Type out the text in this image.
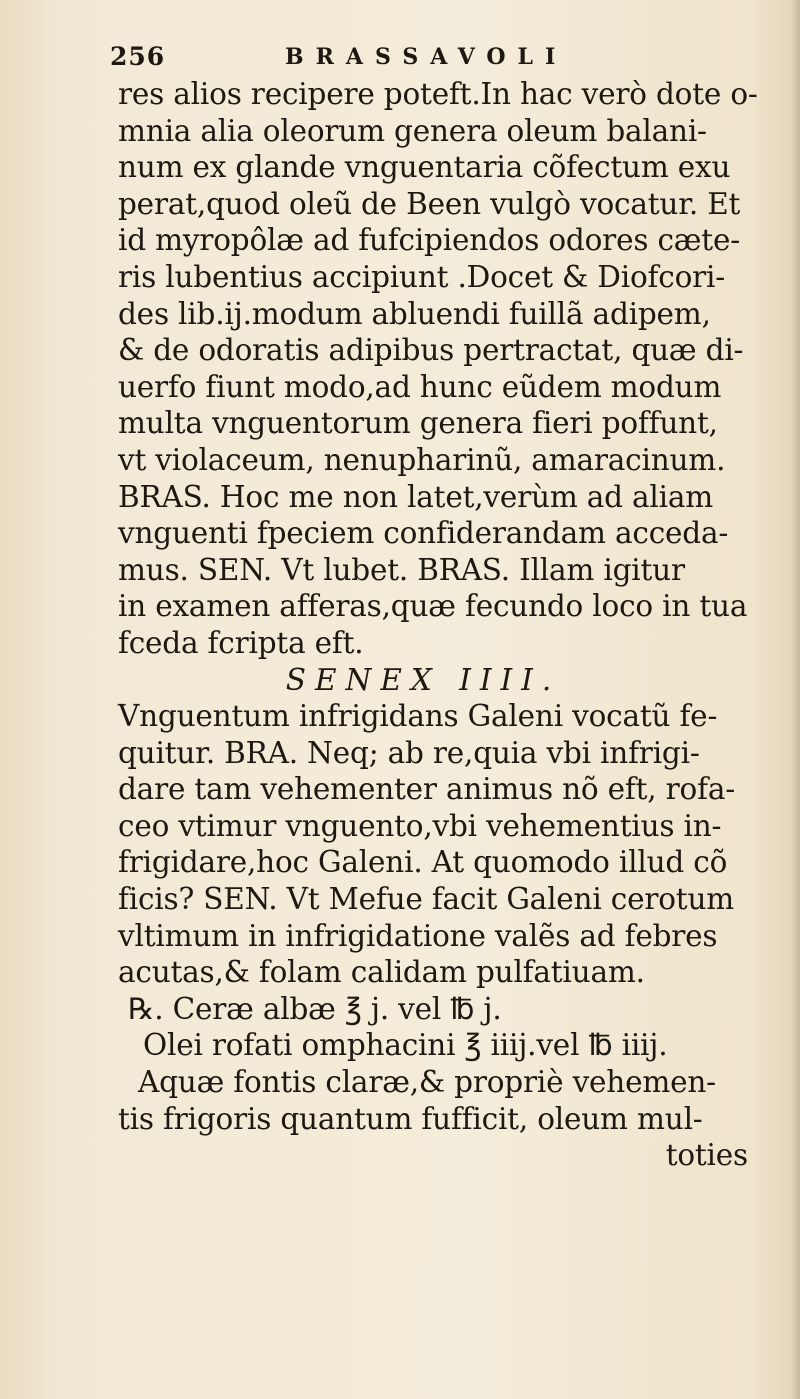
256	BRASSAVOLI
res alios recipere poteft.In hac verò dote o-
mnia alia oleorum genera oleum balani-
num ex glande vnguentaria cõfectum exu
perat,quod oleũ de Been vulgò vocatur. Et
id myropôlæ ad fufcipiendos odores cæte-
ris lubentius accipiunt .Docet & Diofcori-
des lib.ij.modum abluendi fuillã adipem,
& de odoratis adipibus pertractat, quæ di-
uerfo fiunt modo,ad hunc eũdem modum
multa vnguentorum genera fieri poffunt,
vt violaceum, nenupharinũ, amaracinum.
BRAS. Hoc me non latet,verùm ad aliam
vnguenti fpeciem confiderandam acceda-
mus. SEN. Vt lubet. BRAS. Illam igitur
in examen afferas,quæ fecundo loco in tua
fceda fcripta eft.
SENEX IIII.
Vnguentum infrigidans Galeni vocatũ fe-
quitur. BRA. Neq; ab re,quia vbi infrigi-
dare tam vehementer animus nõ eft, rofa-
ceo vtimur vnguento,vbi vehementius in-
frigidare,hoc Galeni. At quomodo illud cõ
ficis? SEN. Vt Mefue facit Galeni cerotum
vltimum in infrigidatione valẽs ad febres
acutas,& folam calidam pulfatiuam.
℞. Ceræ albæ ℥ j. vel ℔ j.
Olei rofati omphacini ℥ iiij.vel ℔ iiij.
Aquæ fontis claræ,& propriè vehemen-
tis frigoris quantum fufficit, oleum mul-
toties
